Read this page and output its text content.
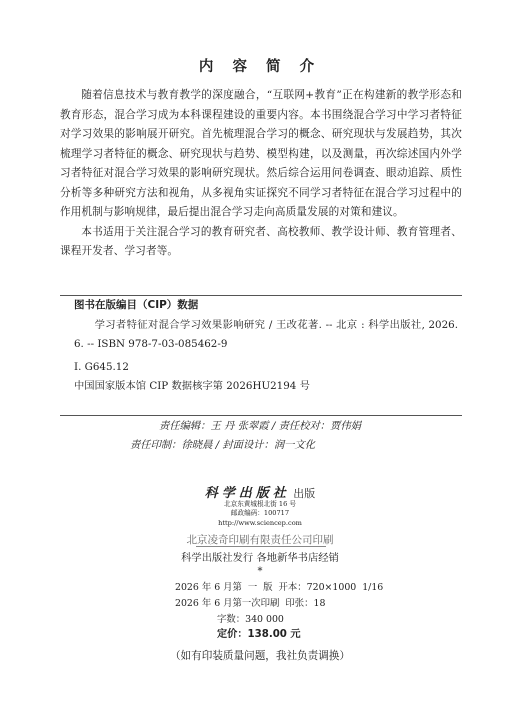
内 容 简 介

随着信息技术与教育教学的深度融合，“互联网+教育”正在构建新的教学形态和教育形态，混合学习成为本科课程建设的重要内容。本书围绕混合学习中学习者特征对学习效果的影响展开研究。首先梳理混合学习的概念、研究现状与发展趋势，其次梳理学习者特征的概念、研究现状与趋势、模型构建，以及测量，再次综述国内外学习者特征对混合学习效果的影响研究现状。然后综合运用问卷调查、眼动追踪、质性分析等多种研究方法和视角，从多视角实证探究不同学习者特征在混合学习过程中的作用机制与影响规律，最后提出混合学习走向高质量发展的对策和建议。

本书适用于关注混合学习的教育研究者、高校教师、教学设计师、教育管理者、课程开发者、学习者等。

图书在版编目（CIP）数据

学习者特征对混合学习效果影响研究 / 王改花著. -- 北京 : 科学出版社, 2026. 6. -- ISBN 978-7-03-085462-9

I. G645.12

中国国家版本馆 CIP 数据核字第 2026HU2194 号

责任编辑：王 丹 张翠霞 / 责任校对：贾伟娟
责任印制：徐晓晨 / 封面设计：润一文化
科学出版社 出版
北京东黄城根北街 16 号
邮政编码：100717
http://www.sciencep.com
北京凌奇印刷有限责任公司印刷
科学出版社发行 各地新华书店经销
*
2026 年 6 月第  一  版  开本：720×1000  1/16
2026 年 6 月第一次印刷  印张：18
字数：340 000
定价：138.00 元
（如有印装质量问题，我社负责调换）
